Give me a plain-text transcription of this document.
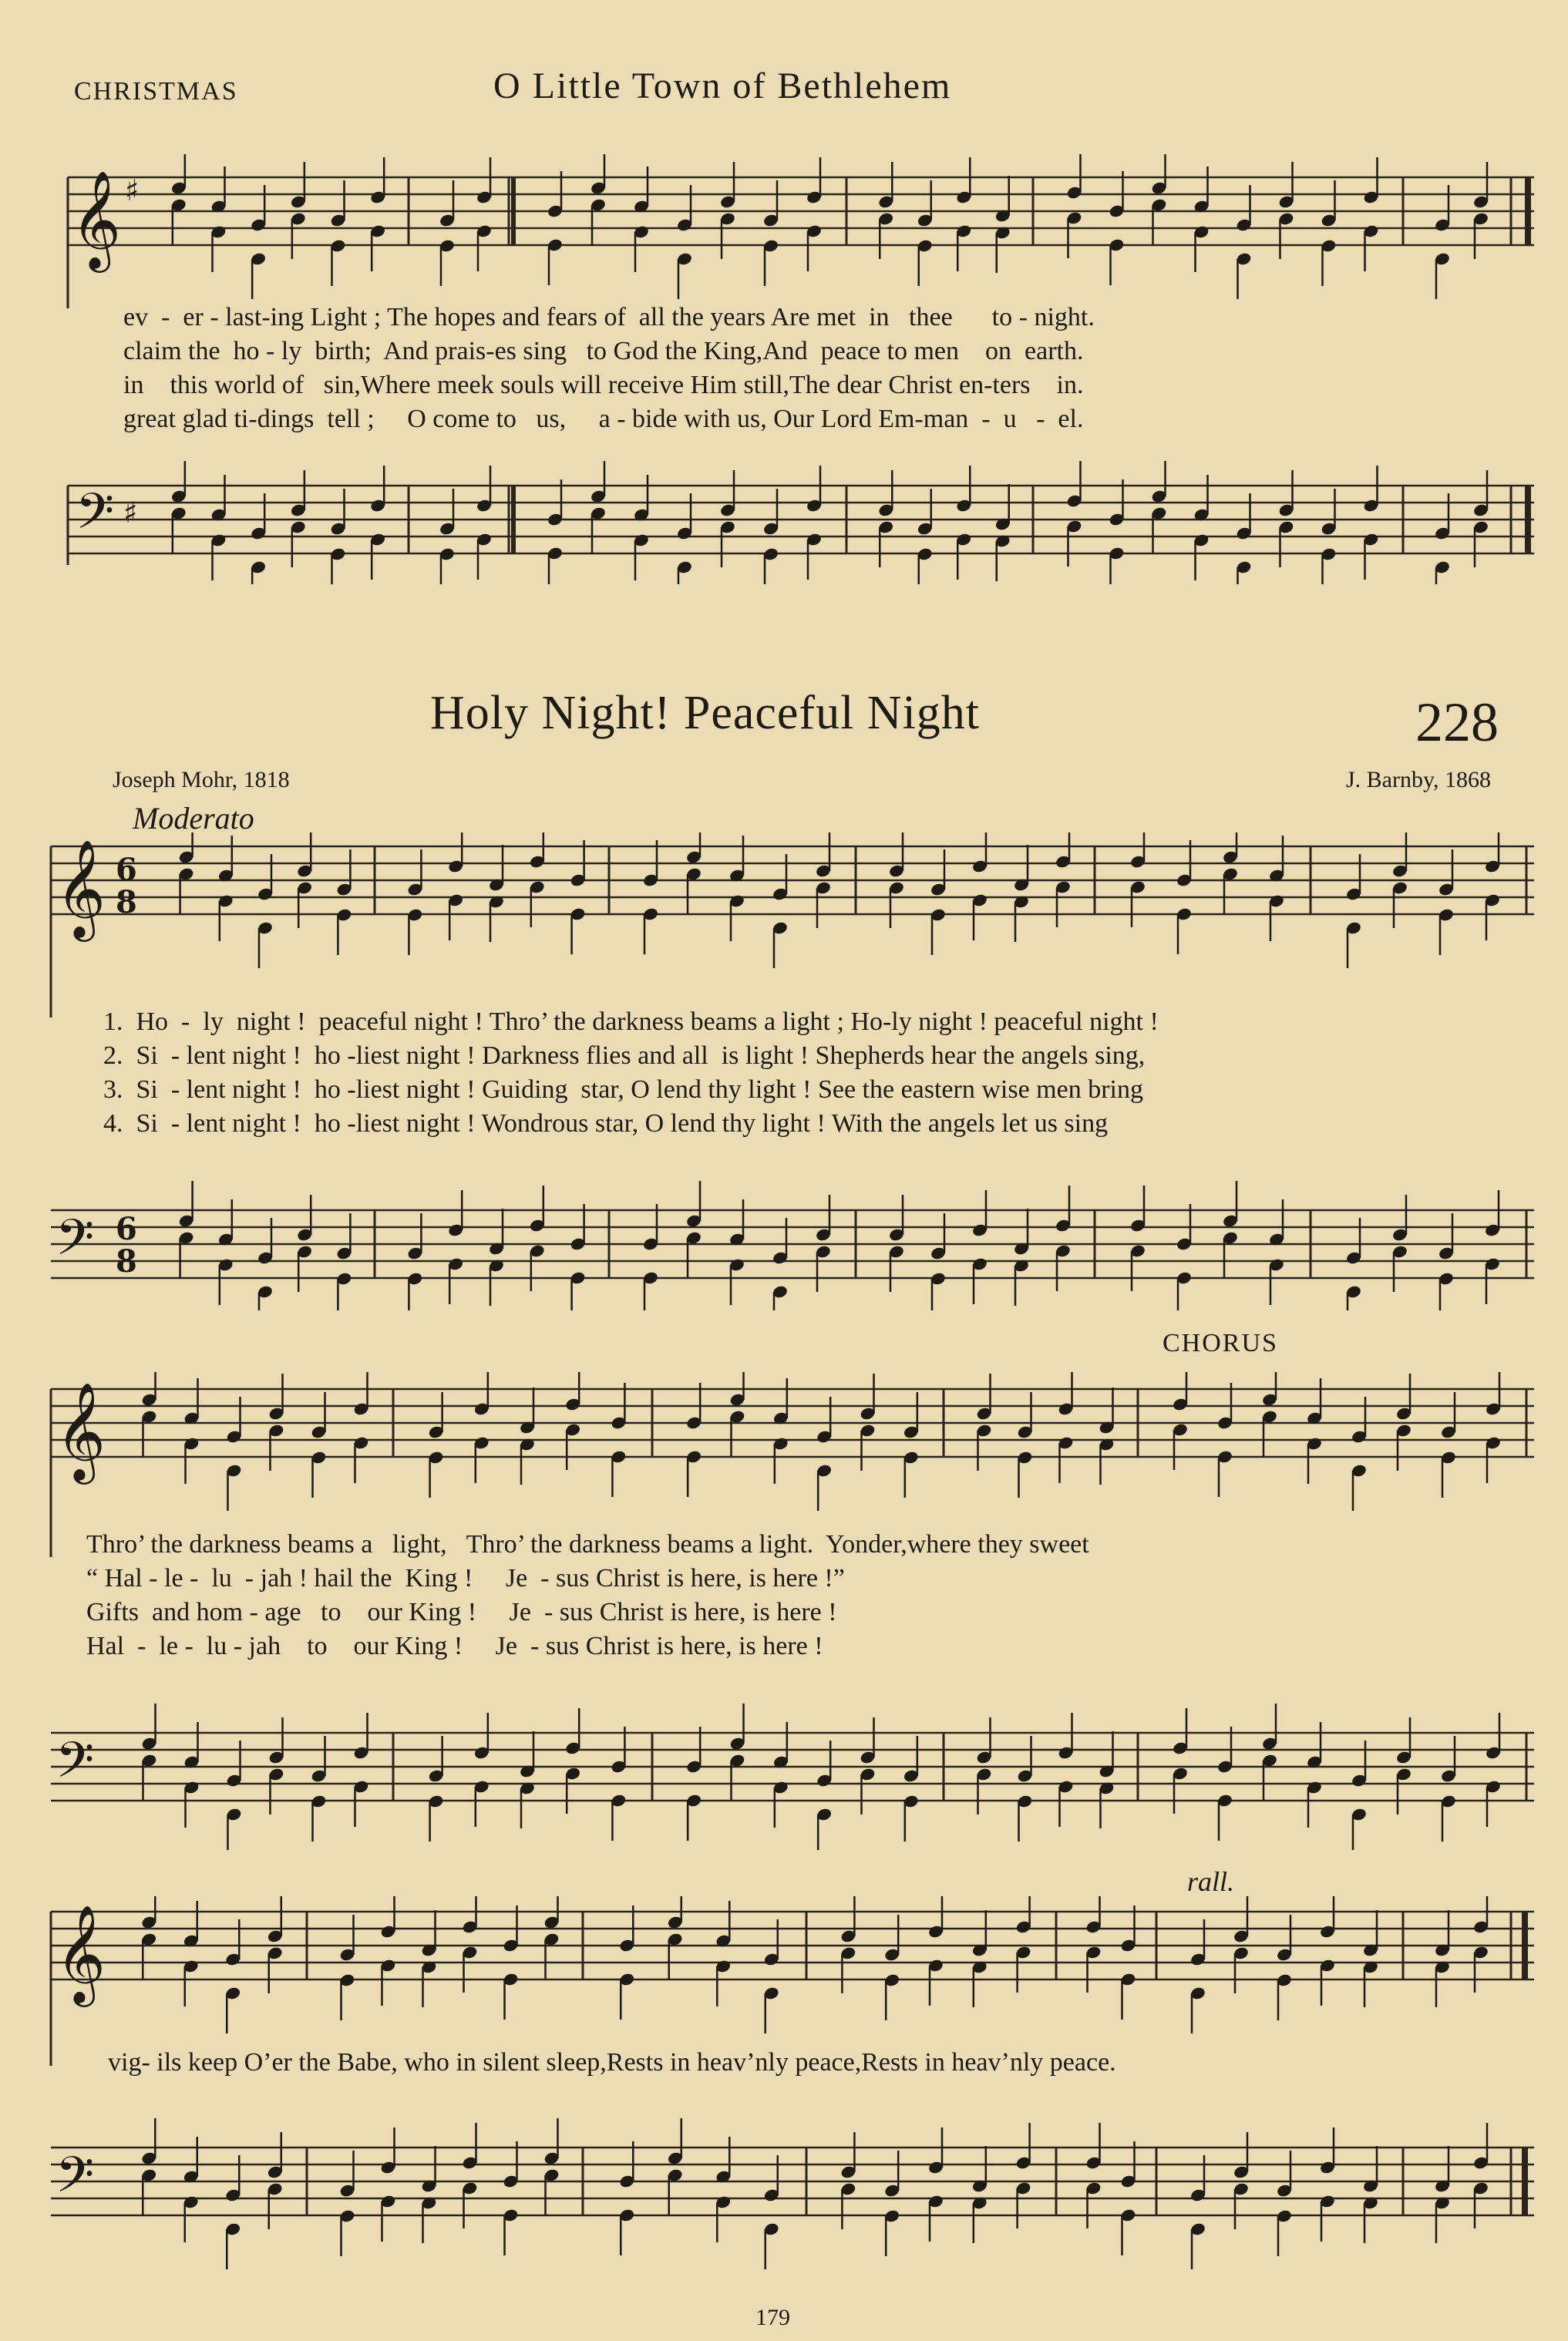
CHRISTMAS	O Little Town of Bethlehem
𝄞 ♯
ev  -  er - last-ing Light ; The hopes and fears of  all the years Are met  in   thee      to - night.
claim the  ho - ly  birth;  And prais-es sing   to God the King,And  peace to men    on  earth.
in    this world of   sin,Where meek souls will receive Him still,The dear Christ en-ters    in.
great glad ti-dings  tell ;     O come to   us,     a - bide with us, Our Lord Em-man  -  u   -  el.
𝄢 ♯
Holy Night! Peaceful Night	228
Joseph Mohr, 1818	J. Barnby, 1868
Moderato
𝄞 6
8
1.  Ho  -  ly  night !  peaceful night ! Thro’ the darkness beams a light ; Ho-ly night ! peaceful night !
2.  Si  - lent night !  ho -liest night ! Darkness flies and all  is light ! Shepherds hear the angels sing,
3.  Si  - lent night !  ho -liest night ! Guiding  star, O lend thy light ! See the eastern wise men bring
4.  Si  - lent night !  ho -liest night ! Wondrous star, O lend thy light ! With the angels let us sing
𝄢 6
8
CHORUS
𝄞
Thro’ the darkness beams a   light,   Thro’ the darkness beams a light.  Yonder,where they sweet
“ Hal - le -  lu  - jah ! hail the  King !     Je  - sus Christ is here, is here !”
Gifts  and hom - age   to    our King !     Je  - sus Christ is here, is here !
Hal  -  le -  lu - jah    to    our King !     Je  - sus Christ is here, is here !
𝄢
rall.
𝄞
vig- ils keep O’er the Babe, who in silent sleep,Rests in heav’nly peace,Rests in heav’nly peace.
𝄢
179
